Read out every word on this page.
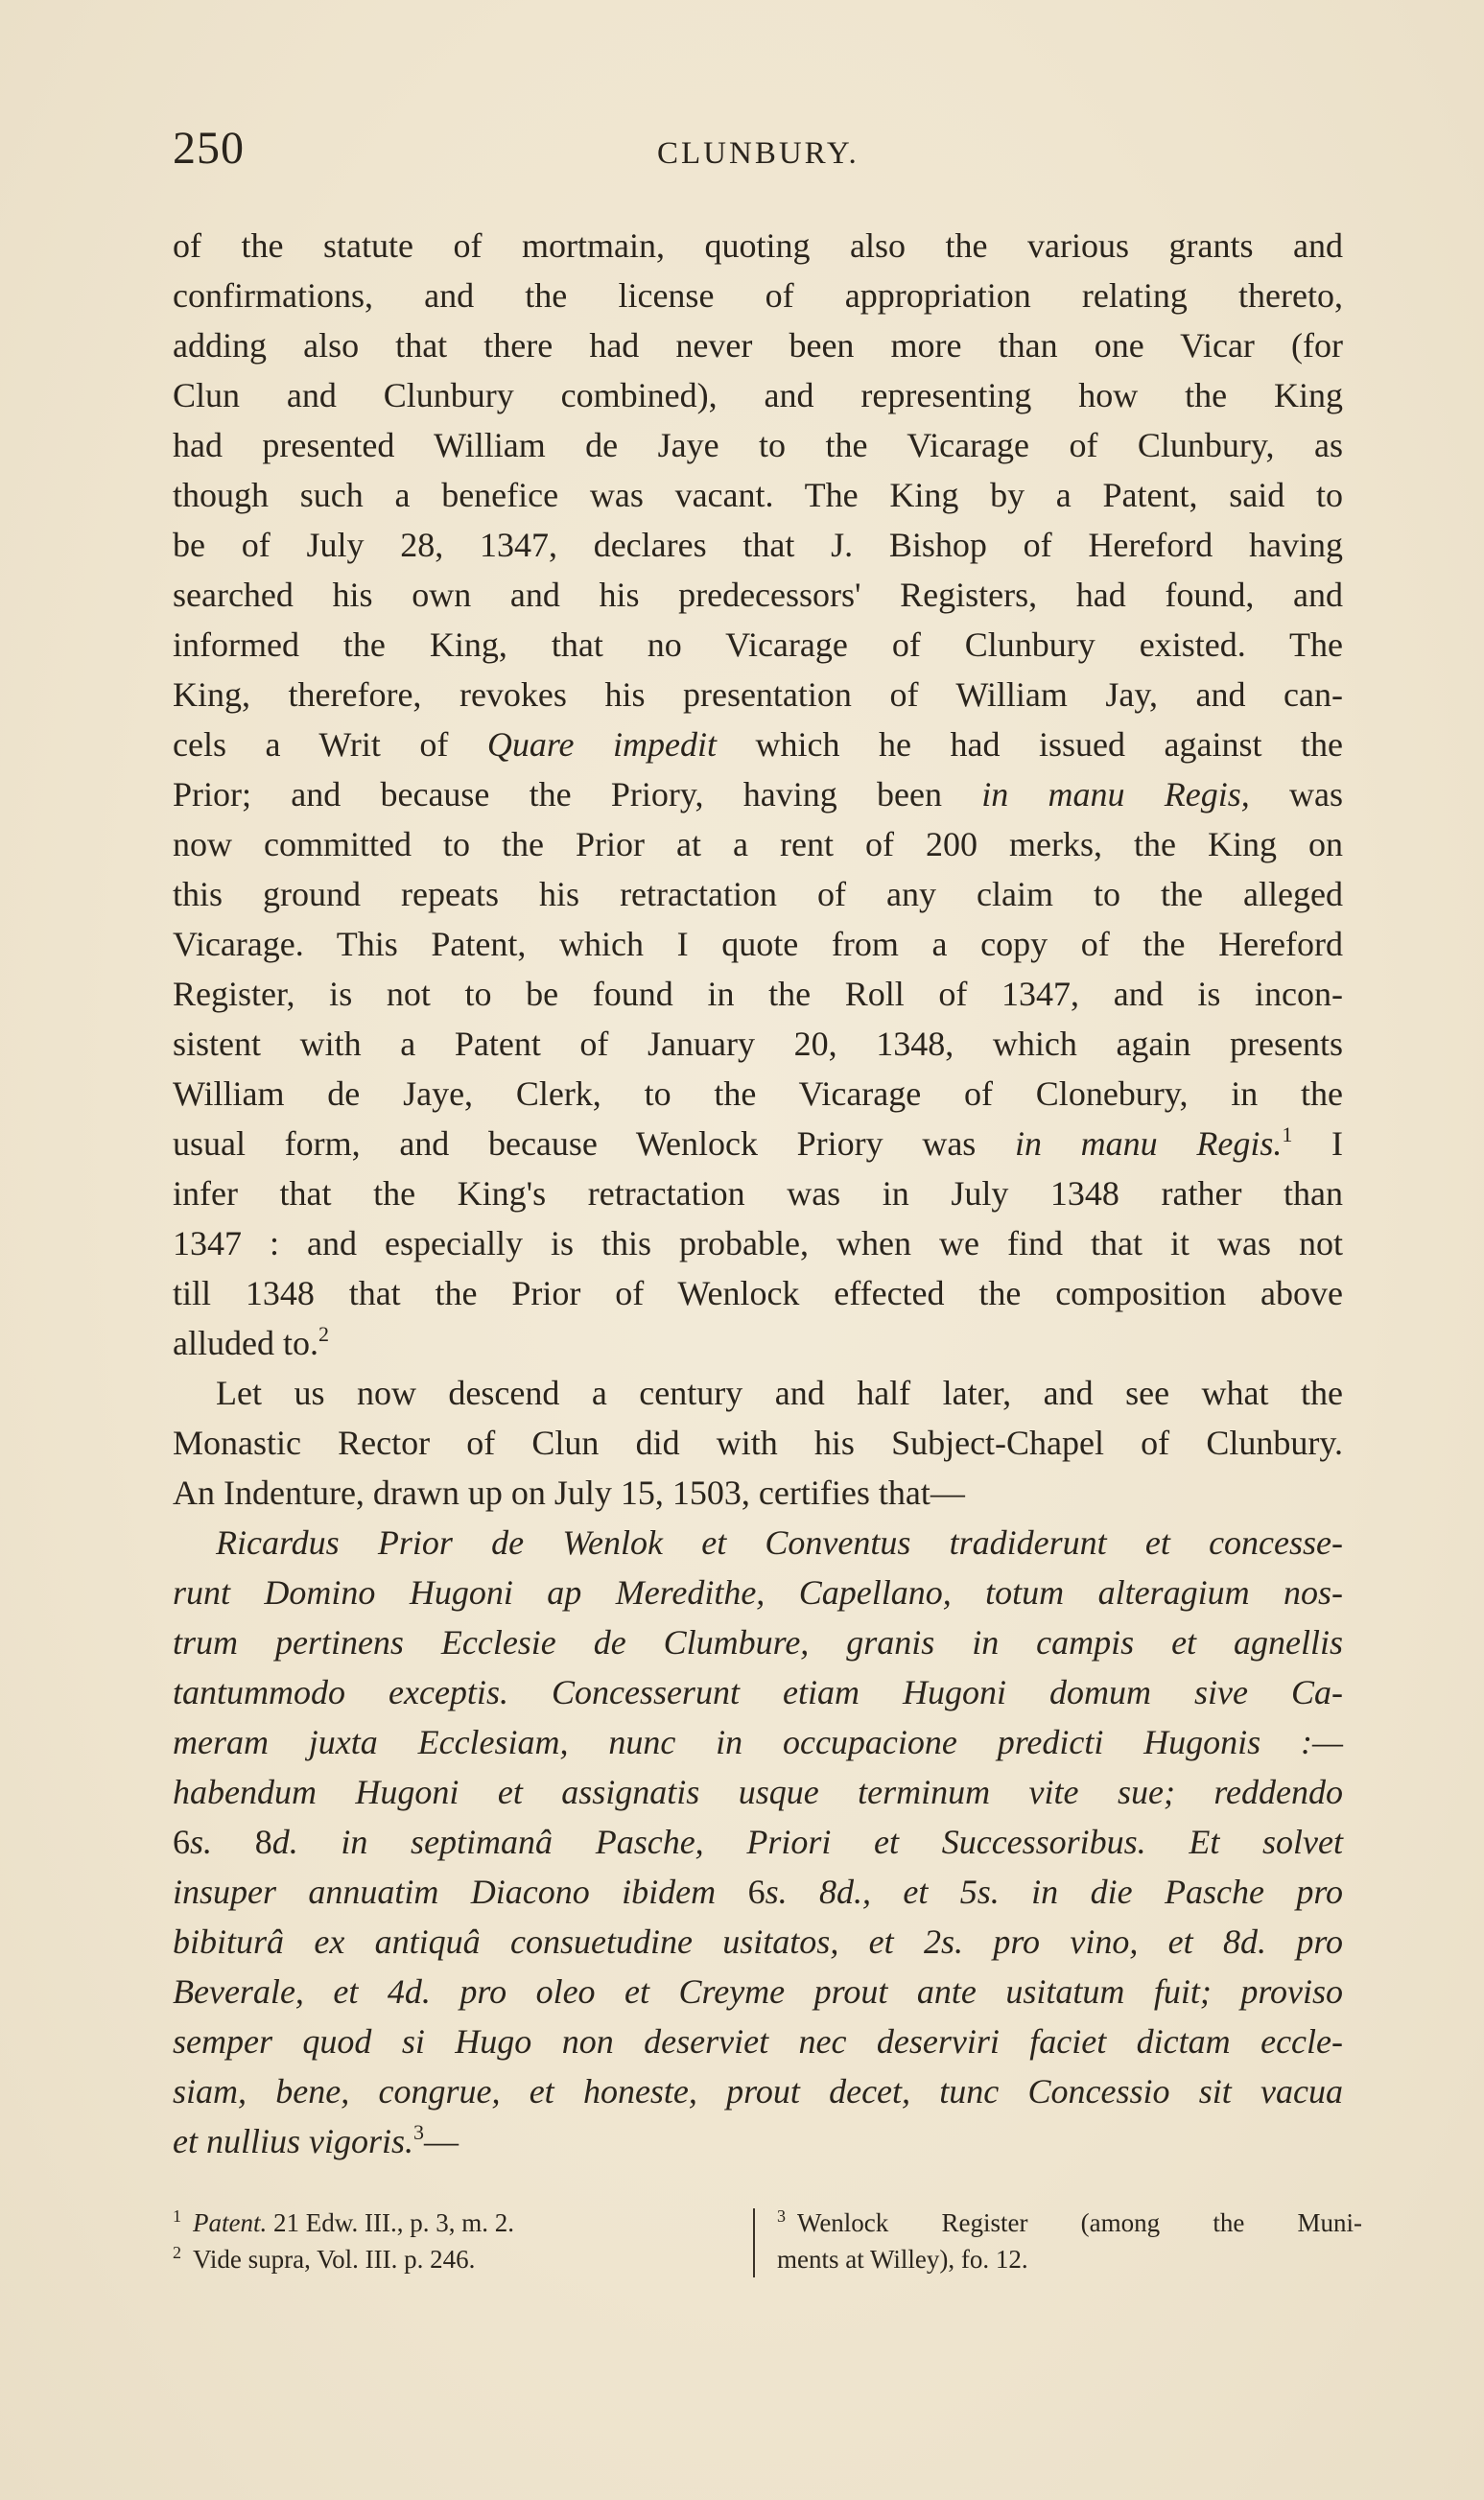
250	CLUNBURY.
of the statute of mortmain, quoting also the various grants and
confirmations, and the license of appropriation relating thereto,
adding also that there had never been more than one Vicar (for
Clun and Clunbury combined), and representing how the King
had presented William de Jaye to the Vicarage of Clunbury, as
though such a benefice was vacant. The King by a Patent, said to
be of July 28, 1347, declares that J. Bishop of Hereford having
searched his own and his predecessors' Registers, had found, and
informed the King, that no Vicarage of Clunbury existed. The
King, therefore, revokes his presentation of William Jay, and can-
cels a Writ of Quare impedit which he had issued against the
Prior; and because the Priory, having been in manu Regis, was
now committed to the Prior at a rent of 200 merks, the King on
this ground repeats his retractation of any claim to the alleged
Vicarage. This Patent, which I quote from a copy of the Hereford
Register, is not to be found in the Roll of 1347, and is incon-
sistent with a Patent of January 20, 1348, which again presents
William de Jaye, Clerk, to the Vicarage of Clonebury, in the
usual form, and because Wenlock Priory was in manu Regis.$^1$ I
infer that the King's retractation was in July 1348 rather than
1347 : and especially is this probable, when we find that it was not
till 1348 that the Prior of Wenlock effected the composition above
alluded to.$^2$
Let us now descend a century and half later, and see what the
Monastic Rector of Clun did with his Subject-Chapel of Clunbury.
An Indenture, drawn up on July 15, 1503, certifies that—
Ricardus Prior de Wenlok et Conventus tradiderunt et concesse-
runt Domino Hugoni ap Meredithe, Capellano, totum alteragium nos-
trum pertinens Ecclesie de Clumbure, granis in campis et agnellis
tantummodo exceptis. Concesserunt etiam Hugoni domum sive Ca-
meram juxta Ecclesiam, nunc in occupacione predicti Hugonis :—
habendum Hugoni et assignatis usque terminum vite sue; reddendo
6s. 8d. in septimanâ Pasche, Priori et Successoribus. Et solvet
insuper annuatim Diacono ibidem 6s. 8d., et 5s. in die Pasche pro
bibiturâ ex antiquâ consuetudine usitatos, et 2s. pro vino, et 8d. pro
Beverale, et 4d. pro oleo et Creyme prout ante usitatum fuit; proviso
semper quod si Hugo non deserviet nec deserviri faciet dictam eccle-
siam, bene, congrue, et honeste, prout decet, tunc Concessio sit vacua
et nullius vigoris.$^3$—
$^1$ Patent. 21 Edw. III., p. 3, m. 2.
$^2$ Vide supra, Vol. III. p. 246.
$^3$ Wenlock Register (among the Muni-
ments at Willey), fo. 12.
